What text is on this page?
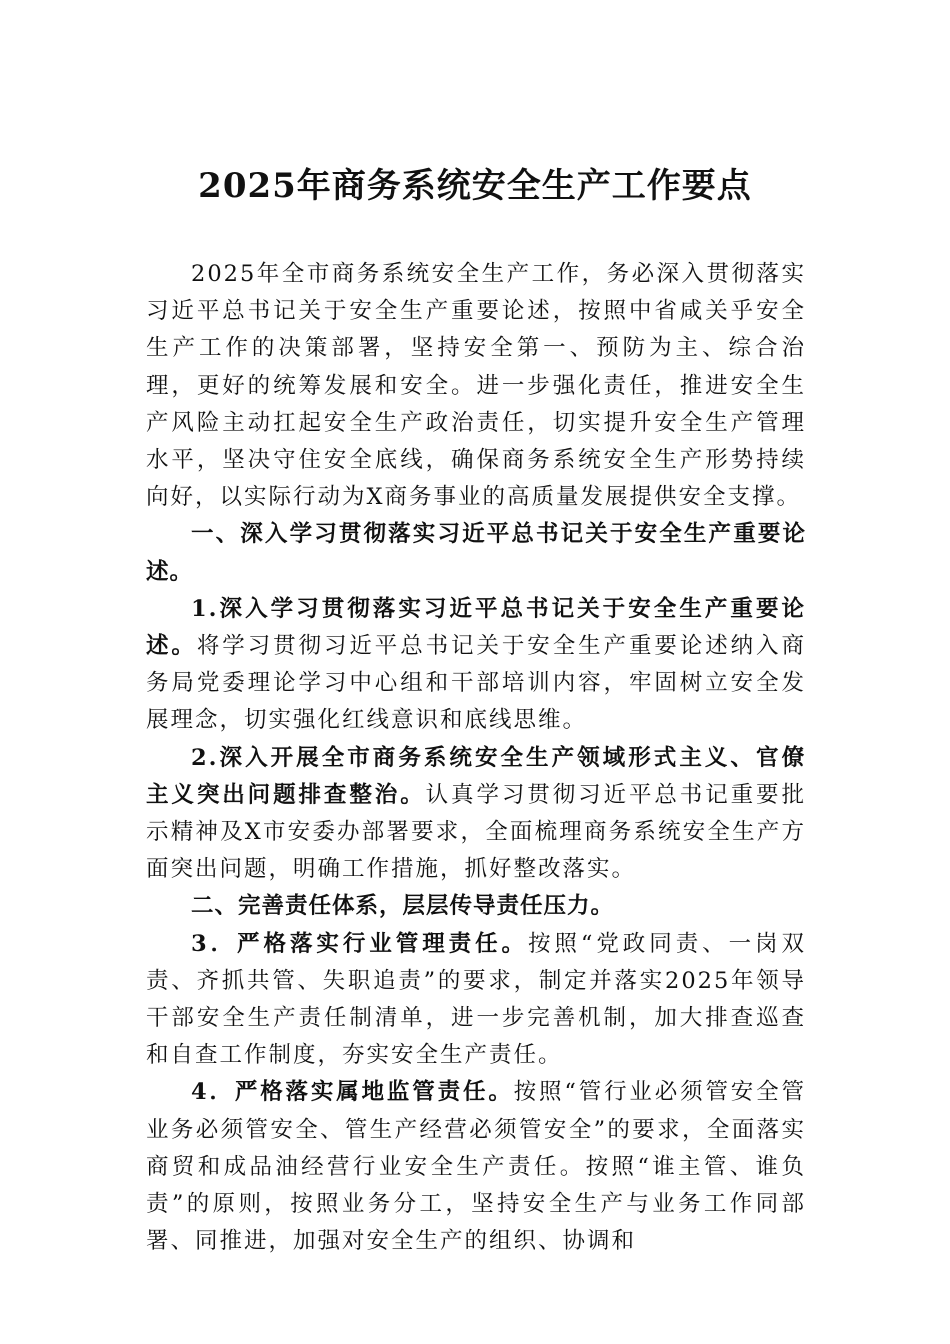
2025年商务系统安全生产工作要点

2025年全市商务系统安全生产工作，务必深入贯彻落实习近平总书记关于安全生产重要论述，按照中省咸关乎安全生产工作的决策部署，坚持安全第一、预防为主、综合治理，更好的统筹发展和安全。进一步强化责任，推进安全生产风险主动扛起安全生产政治责任，切实提升安全生产管理水平，坚决守住安全底线，确保商务系统安全生产形势持续向好，以实际行动为X商务事业的高质量发展提供安全支撑。

一、深入学习贯彻落实习近平总书记关于安全生产重要论述。

1.深入学习贯彻落实习近平总书记关于安全生产重要论述。将学习贯彻习近平总书记关于安全生产重要论述纳入商务局党委理论学习中心组和干部培训内容，牢固树立安全发展理念，切实强化红线意识和底线思维。

2.深入开展全市商务系统安全生产领域形式主义、官僚主义突出问题排查整治。认真学习贯彻习近平总书记重要批示精神及X市安委办部署要求，全面梳理商务系统安全生产方面突出问题，明确工作措施，抓好整改落实。

二、完善责任体系，层层传导责任压力。

3．严格落实行业管理责任。按照“党政同责、一岗双责、齐抓共管、失职追责”的要求，制定并落实2025年领导干部安全生产责任制清单，进一步完善机制，加大排查巡查和自查工作制度，夯实安全生产责任。

4．严格落实属地监管责任。按照“管行业必须管安全管业务必须管安全、管生产经营必须管安全”的要求，全面落实商贸和成品油经营行业安全生产责任。按照“谁主管、谁负责”的原则，按照业务分工，坚持安全生产与业务工作同部署、同推进，加强对安全生产的组织、协调和
